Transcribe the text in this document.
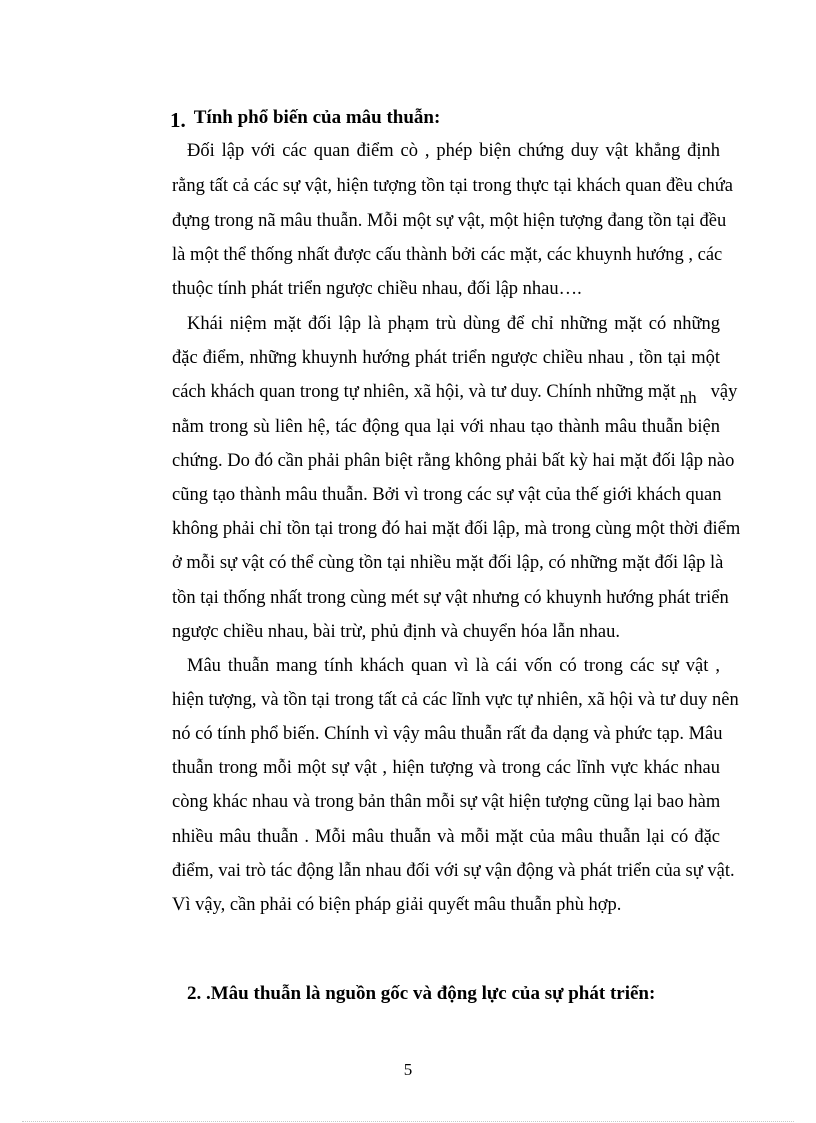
1. Tính phổ biến của mâu thuẫn:
Đối lập với các quan điểm cò , phép biện chứng duy vật khẳng định
rằng tất cả các sự vật, hiện tượng tồn tại trong thực tại khách quan đều chứa
đựng trong nã mâu thuẫn. Mỗi một sự vật, một hiện tượng đang tồn tại đều
là một thể thống nhất được cấu thành bởi các mặt, các khuynh hướng , các
thuộc tính phát triển ngược chiều nhau, đối lập nhau….
Khái niệm mặt đối lập là phạm trù dùng để chỉ những mặt có những
đặc điểm, những khuynh hướng phát triển ngược chiều nhau , tồn tại một
cách khách quan trong tự nhiên, xã hội, và tư duy. Chính những mặt nh vậy
nằm trong sù liên hệ, tác động qua lại với nhau tạo thành mâu thuẫn biện
chứng. Do đó cần phải phân biệt rằng không phải bất kỳ hai mặt đối lập nào
cũng tạo thành mâu thuẫn. Bởi vì trong các sự vật của thế giới khách quan
không phải chỉ tồn tại trong đó hai mặt đối lập, mà trong cùng một thời điểm
ở mỗi sự vật có thể cùng tồn tại nhiều mặt đối lập, có những mặt đối lập là
tồn tại thống nhất trong cùng mét sự vật nhưng có khuynh hướng phát triển
ngược chiều nhau, bài trừ, phủ định và chuyển hóa lẫn nhau.
Mâu thuẫn mang tính khách quan vì là cái vốn có trong các sự vật ,
hiện tượng, và tồn tại trong tất cả các lĩnh vực tự nhiên, xã hội và tư duy nên
nó có tính phổ biến. Chính vì vậy mâu thuẫn rất đa dạng và phức tạp. Mâu
thuẫn trong mỗi một sự vật , hiện tượng và trong các lĩnh vực khác nhau
còng khác nhau và trong bản thân mỗi sự vật hiện tượng cũng lại bao hàm
nhiều mâu thuẫn . Mỗi mâu thuẫn và mỗi mặt của mâu thuẫn lại có đặc
điểm, vai trò tác động lẫn nhau đối với sự vận động và phát triển của sự vật.
Vì vậy, cần phải có biện pháp giải quyết mâu thuẫn phù hợp.
2. .Mâu thuẫn là nguồn gốc và động lực của sự phát triển:
5
